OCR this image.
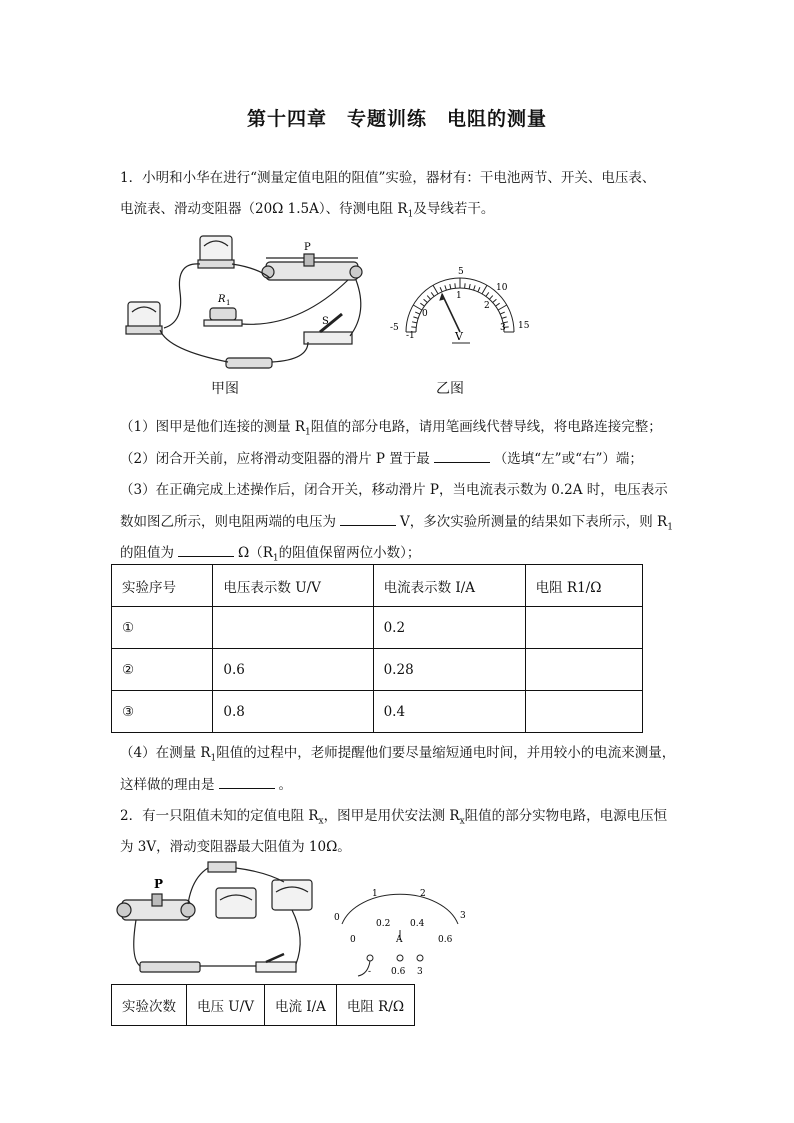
第十四章　专题训练　电阻的测量
1．小明和小华在进行“测量定值电阻的阻值”实验，器材有：干电池两节、开关、电压表、
电流表、滑动变阻器（20Ω 1.5A）、待测电阻 $R_1$及导线若干。
P
S
R 1
甲图
5
10
15
0
1
2
3
-5
-1	V
乙图
（1）图甲是他们连接的测量 $R_1$阻值的部分电路，请用笔画线代替导线，将电路连接完整；
（2）闭合开关前，应将滑动变阻器的滑片 P 置于最	（选填“左”或“右”）端；
（3）在正确完成上述操作后，闭合开关，移动滑片 P，当电流表示数为 0.2A 时，电压表示
数如图乙所示，则电阻两端的电压为	V，多次实验所测量的结果如下表所示，则 $R_1$
的阻值为	$\Omega(R_1$的阻值保留两位小数）；
实验序号	电压表示数 U/V	电流表示数 I/A	电阻 R1/Ω
①		0.2	
②	0.6	0.28	
③	0.8	0.4	
（4）在测量 $R_1$阻值的过程中，老师提醒他们要尽量缩短通电时间，并用较小的电流来测量，
这样做的理由是	。
2．有一只阻值未知的定值电阻 $R_x$，图甲是用伏安法测 $R_x$阻值的部分实物电路，电源电压恒
为 3V，滑动变阻器最大阻值为 10Ω。
P
0
1	2
3
0
0.2 0.4
0.6
A
- 0.6 3
实验次数	电压 U/V	电流 I/A	电阻 R/Ω
